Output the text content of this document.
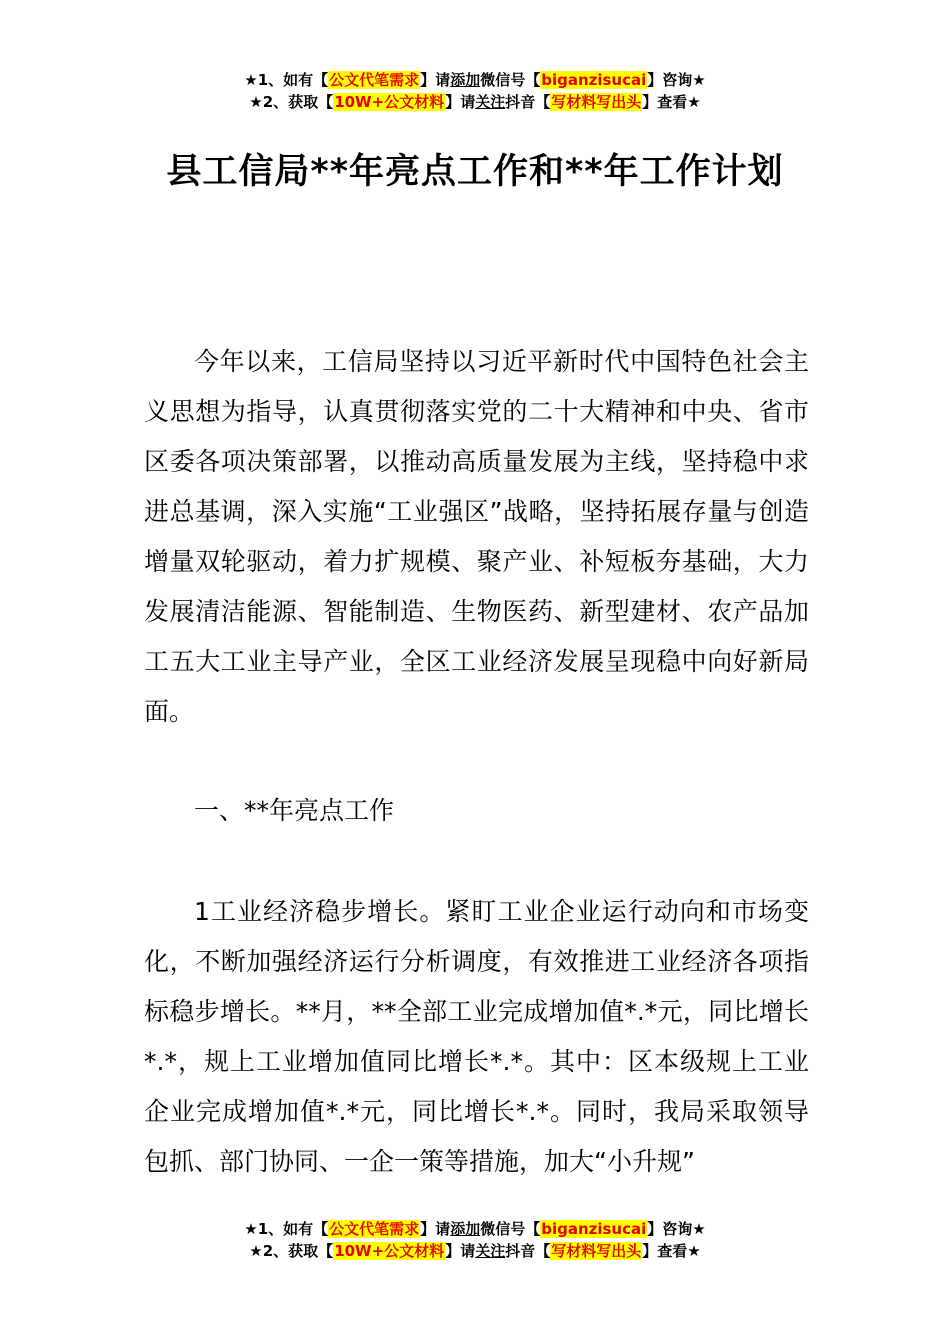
★1、如有【公文代笔需求】请添加微信号【biganzisucai】咨询★
★2、获取【10W+公文材料】请关注抖音【写材料写出头】查看★
县工信局**年亮点工作和**年工作计划

今年以来，工信局坚持以习近平新时代中国特色社会主义思想为指导，认真贯彻落实党的二十大精神和中央、省市区委各项决策部署，以推动高质量发展为主线，坚持稳中求进总基调，深入实施“工业强区”战略，坚持拓展存量与创造增量双轮驱动，着力扩规模、聚产业、补短板夯基础，大力发展清洁能源、智能制造、生物医药、新型建材、农产品加工五大工业主导产业，全区工业经济发展呈现稳中向好新局面。

一、**年亮点工作

1工业经济稳步增长。紧盯工业企业运行动向和市场变化，不断加强经济运行分析调度，有效推进工业经济各项指标稳步增长。**月，**全部工业完成增加值*.*元，同比增长*.*，规上工业增加值同比增长*.*。其中：区本级规上工业企业完成增加值*.*元，同比增长*.*。同时，我局采取领导包抓、部门协同、一企一策等措施，加大“小升规”

★1、如有【公文代笔需求】请添加微信号【biganzisucai】咨询★
★2、获取【10W+公文材料】请关注抖音【写材料写出头】查看★
